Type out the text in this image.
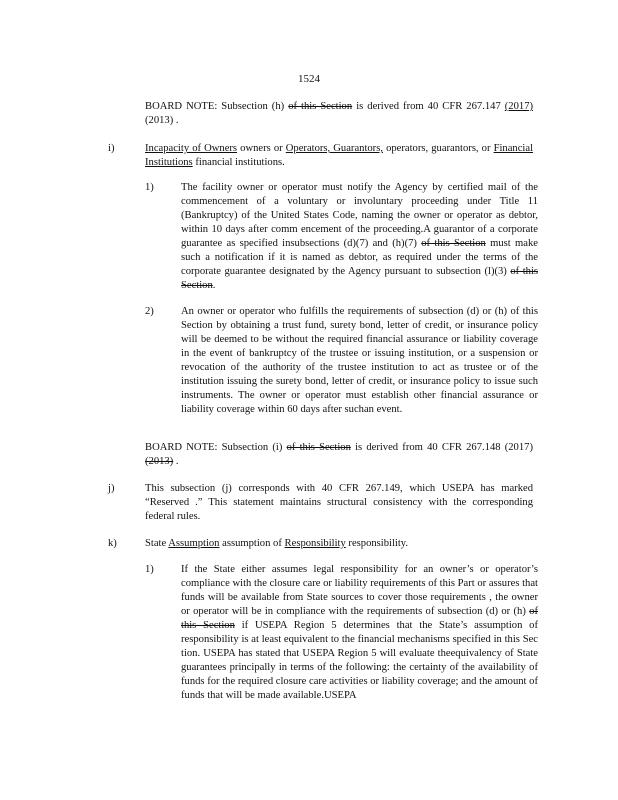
1524
BOARD NOTE: Subsection (h) of this Section is derived from 40 CFR 267.147 (2017) (2013) .
i)	Incapacity of Owners owners or Operators, Guarantors, operators, guarantors, or Financial Institutions financial institutions.
1)	The facility owner or operator must notify the Agency by certified mail of the commencement of a voluntary or involuntary proceeding under Title 11 (Bankruptcy) of the United States Code, naming the owner or operator as debtor, within 10 days after comm encement of the proceeding.A guarantor of a corporate guarantee as specified insubsections (d)(7) and (h)(7) of this Section must make such a notification if it is named as debtor, as required under the terms of the corporate guarantee designated by the Agency pursuant to subsection (l)(3) of this Section.
2)	An owner or operator who fulfills the requirements of subsection (d) or (h) of this Section by obtaining a trust fund, surety bond, letter of credit, or insurance policy will be deemed to be without the required financial assurance or liability coverage in the event of bankruptcy of the trustee or issuing institution, or a suspension or revocation of the authority of the trustee institution to act as trustee or of the institution issuing the surety bond, letter of credit, or insurance policy to issue such instruments. The owner or operator must establish other financial assurance or liability coverage within 60 days after suchan event.
BOARD NOTE: Subsection (i) of this Section is derived from 40 CFR 267.148 (2017) (2013) .
j)	This subsection (j) corresponds with 40 CFR 267.149, which USEPA has marked “Reserved .” This statement maintains structural consistency with the corresponding federal rules.
k)	State Assumption assumption of Responsibility responsibility.
1)	If the State either assumes legal responsibility for an owner’s or operator’s compliance with the closure care or liability requirements of this Part or assures that funds will be available from State sources to cover those requirements , the owner or operator will be in compliance with the requirements of subsection (d) or (h) of this Section if USEPA Region 5 determines that the State’s assumption of responsibility is at least equivalent to the financial mechanisms specified in this Sec tion. USEPA has stated that USEPA Region 5 will evaluate theequivalency of State guarantees principally in terms of the following: the certainty of the availability of funds for the required closure care activities or liability coverage; and the amount of funds that will be made available.USEPA
